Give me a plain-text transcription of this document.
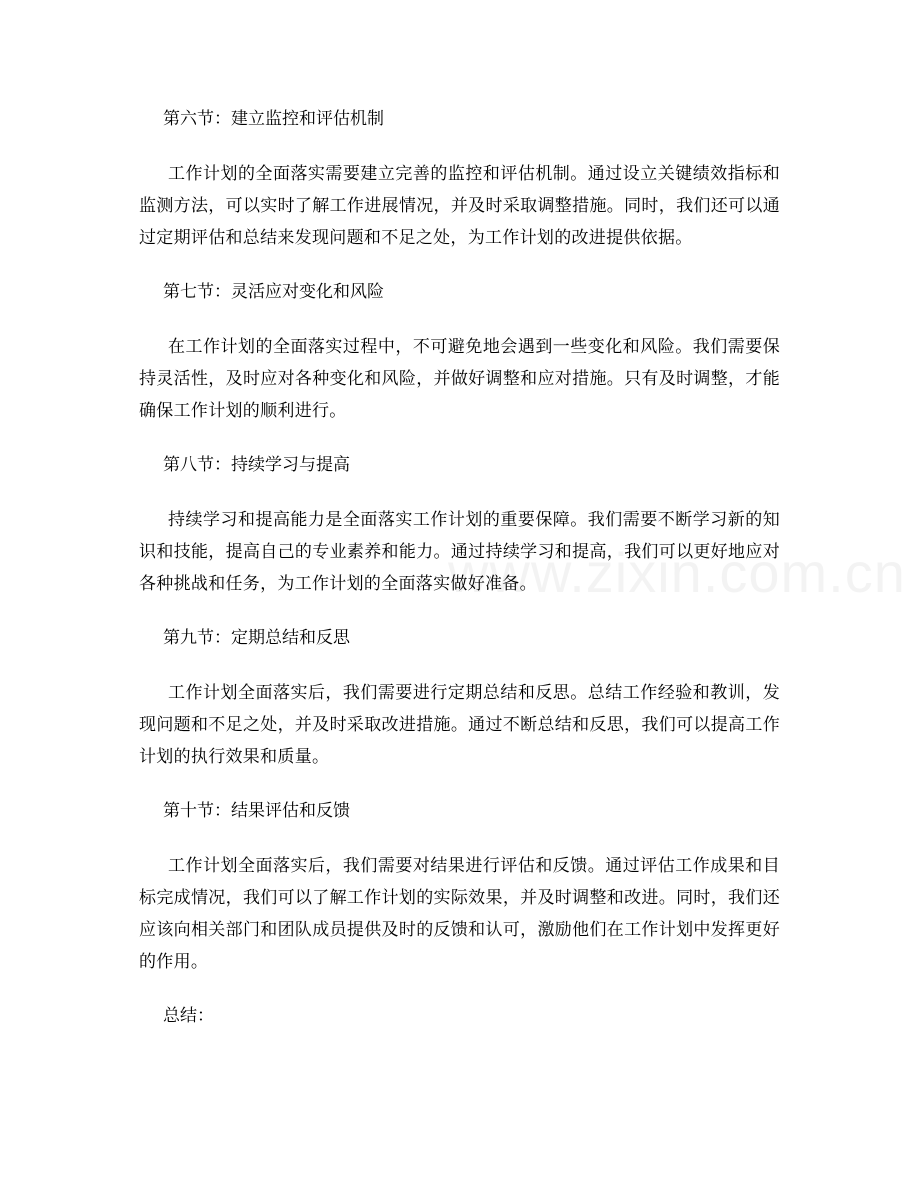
第六节：建立监控和评估机制

工作计划的全面落实需要建立完善的监控和评估机制。通过设立关键绩效指标和监测方法，可以实时了解工作进展情况，并及时采取调整措施。同时，我们还可以通过定期评估和总结来发现问题和不足之处，为工作计划的改进提供依据。

第七节：灵活应对变化和风险

在工作计划的全面落实过程中，不可避免地会遇到一些变化和风险。我们需要保持灵活性，及时应对各种变化和风险，并做好调整和应对措施。只有及时调整，才能确保工作计划的顺利进行。

第八节：持续学习与提高

持续学习和提高能力是全面落实工作计划的重要保障。我们需要不断学习新的知识和技能，提高自己的专业素养和能力。通过持续学习和提高，我们可以更好地应对各种挑战和任务，为工作计划的全面落实做好准备。

第九节：定期总结和反思

工作计划全面落实后，我们需要进行定期总结和反思。总结工作经验和教训，发现问题和不足之处，并及时采取改进措施。通过不断总结和反思，我们可以提高工作计划的执行效果和质量。

第十节：结果评估和反馈

工作计划全面落实后，我们需要对结果进行评估和反馈。通过评估工作成果和目标完成情况，我们可以了解工作计划的实际效果，并及时调整和改进。同时，我们还应该向相关部门和团队成员提供及时的反馈和认可，激励他们在工作计划中发挥更好的作用。

总结：
